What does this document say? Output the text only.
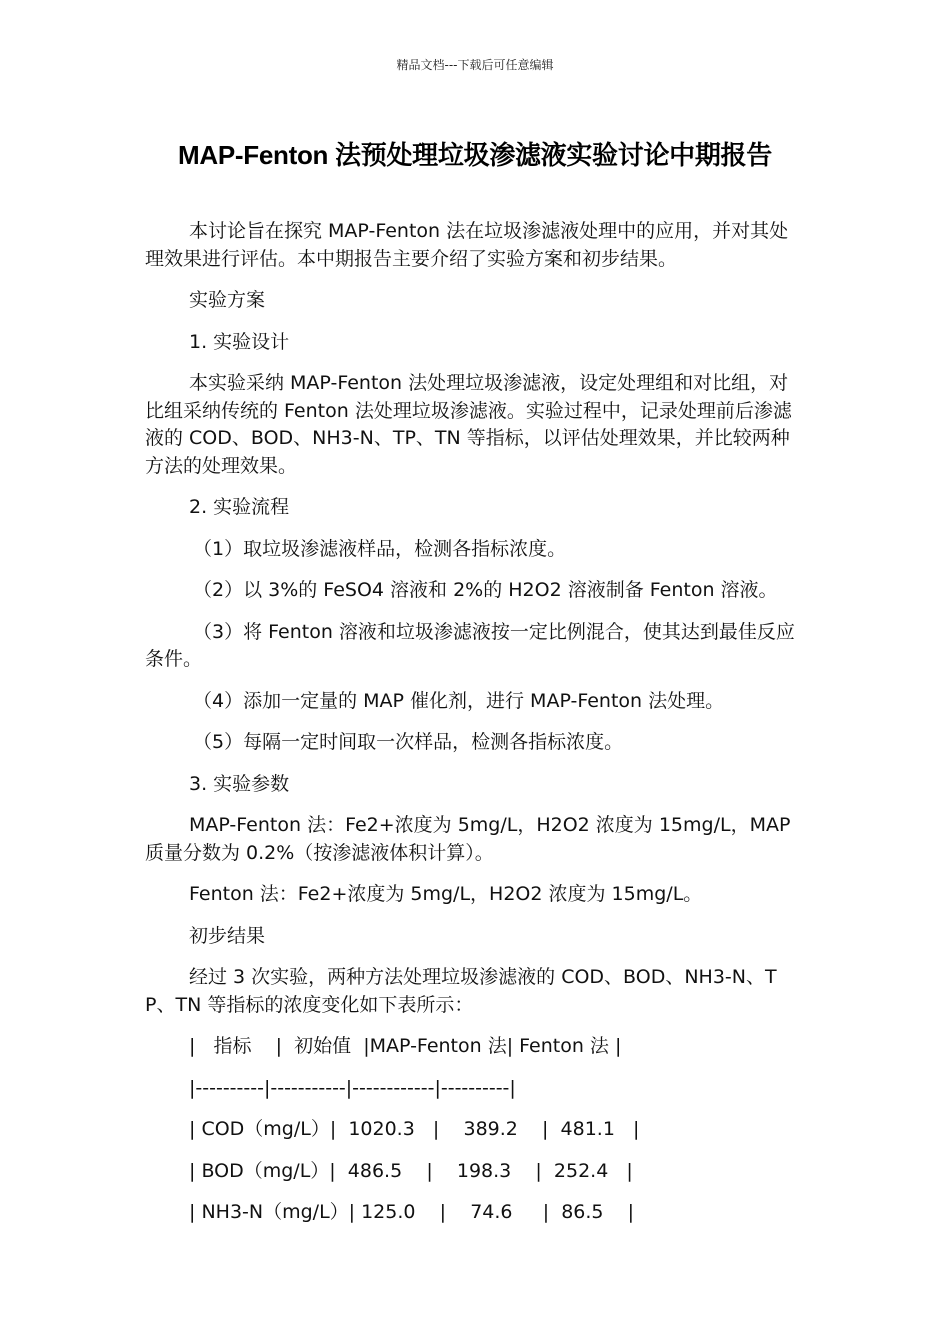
精品文档---下载后可任意编辑
MAP-Fenton 法预处理垃圾渗滤液实验讨论中期报告

本讨论旨在探究 MAP-Fenton 法在垃圾渗滤液处理中的应用，并对其处理效果进行评估。本中期报告主要介绍了实验方案和初步结果。

实验方案

1. 实验设计

本实验采纳 MAP-Fenton 法处理垃圾渗滤液，设定处理组和对比组，对比组采纳传统的 Fenton 法处理垃圾渗滤液。实验过程中，记录处理前后渗滤液的 COD、BOD、NH3-N、TP、TN 等指标，以评估处理效果，并比较两种方法的处理效果。

2. 实验流程

（1）取垃圾渗滤液样品，检测各指标浓度。

（2）以 3%的 FeSO4 溶液和 2%的 H2O2 溶液制备 Fenton 溶液。

（3）将 Fenton 溶液和垃圾渗滤液按一定比例混合，使其达到最佳反应条件。

（4）添加一定量的 MAP 催化剂，进行 MAP-Fenton 法处理。

（5）每隔一定时间取一次样品，检测各指标浓度。

3. 实验参数

MAP-Fenton 法：Fe2+浓度为 5mg/L，H2O2 浓度为 15mg/L，MAP 质量分数为 0.2%（按渗滤液体积计算）。

Fenton 法：Fe2+浓度为 5mg/L，H2O2 浓度为 15mg/L。

初步结果

经过 3 次实验，两种方法处理垃圾渗滤液的 COD、BOD、NH3-N、TP、TN 等指标的浓度变化如下表所示：

|   指标    |  初始值  |MAP-Fenton 法| Fenton 法 |

|----------|-----------|------------|----------|

| COD（mg/L）|  1020.3   |    389.2    |  481.1   |

| BOD（mg/L）|  486.5    |    198.3    |  252.4   |

| NH3-N（mg/L）| 125.0    |    74.6     |  86.5    |
